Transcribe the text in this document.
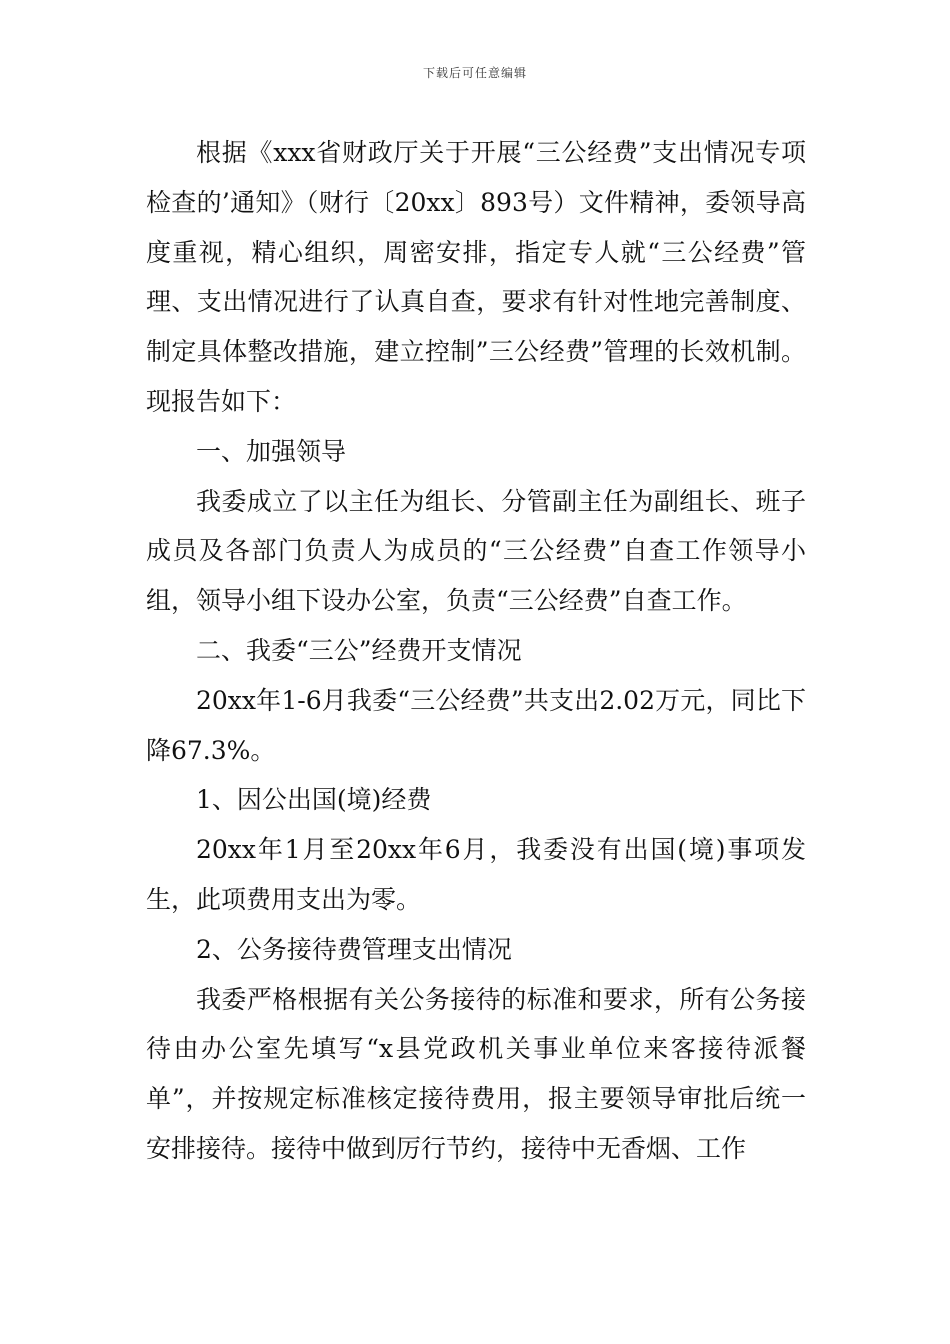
下载后可任意编辑

根据《xxx省财政厅关于开展“三公经费”支出情况专项检查的’通知》（财行〔20xx〕893号）文件精神，委领导高度重视，精心组织，周密安排，指定专人就“三公经费”管理、支出情况进行了认真自查，要求有针对性地完善制度、制定具体整改措施，建立控制”三公经费”管理的长效机制。现报告如下：

一、加强领导

我委成立了以主任为组长、分管副主任为副组长、班子成员及各部门负责人为成员的“三公经费”自查工作领导小组，领导小组下设办公室，负责“三公经费”自查工作。

二、我委“三公”经费开支情况

20xx年1-6月我委“三公经费”共支出2.02万元，同比下降67.3%。

1、因公出国(境)经费

20xx年1月至20xx年6月，我委没有出国(境)事项发生，此项费用支出为零。

2、公务接待费管理支出情况

我委严格根据有关公务接待的标准和要求，所有公务接待由办公室先填写“x县党政机关事业单位来客接待派餐单”，并按规定标准核定接待费用，报主要领导审批后统一安排接待。接待中做到厉行节约，接待中无香烟、工作
